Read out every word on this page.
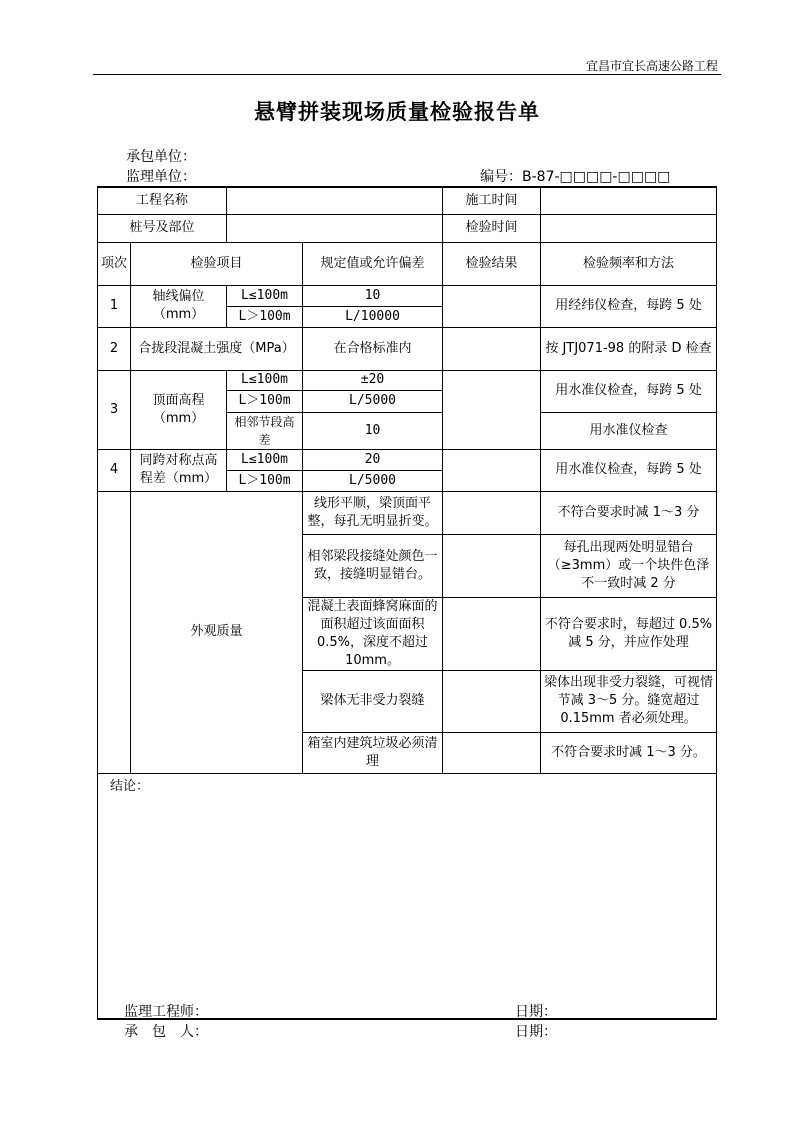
宜昌市宜长高速公路工程
悬臂拼装现场质量检验报告单
承包单位：
监理单位：	编号：B-87-□□□□-□□□□
工程名称				施工时间	
桩号及部位				检验时间	
项次	检验项目		规定值或允许偏差	检验结果	检验频率和方法
1	轴线偏位（mm）	L≤100m	10		用经纬仪检查，每跨 5 处
		L＞100m	L/10000		
2	合拢段混凝土强度（MPa）		在合格标准内		按 JTJ071-98 的附录 D 检查
3	顶面高程（mm）	L≤100m	±20		用水准仪检查，每跨 5 处
		L＞100m	L/5000		
		相邻节段高差	10		用水准仪检查
4	同跨对称点高程差（mm）	L≤100m	20		用水准仪检查，每跨 5 处
		L＞100m	L/5000		
	外观质量		线形平顺，梁顶面平整，每孔无明显折变。		不符合要求时减 1～3 分
			相邻梁段接缝处颜色一致，接缝明显错台。		每孔出现两处明显错台（≥3mm）或一个块件色泽不一致时减 2 分
			混凝土表面蜂窝麻面的面积超过该面面积 0.5%，深度不超过 10mm。		不符合要求时，每超过 0.5%减 5 分，并应作处理
			梁体无非受力裂缝		梁体出现非受力裂缝，可视情节减 3～5 分。缝宽超过 0.15mm 者必须处理。
			箱室内建筑垃圾必须清理		不符合要求时减 1～3 分。
结论：					
监理工程师：	日期：
承　包　人：	日期：
